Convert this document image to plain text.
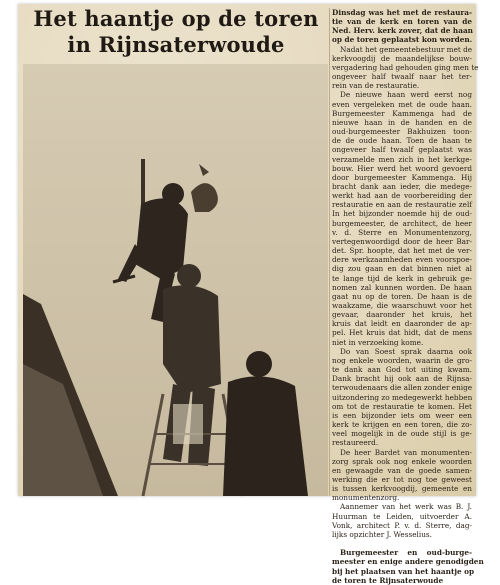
Het haantje op de toren
in Rijnsaterwoude
Dinsdag was het met de restaura-
tie van de kerk en toren van de
Ned. Herv. kerk zover, dat de haan
op de toren geplaatst kon worden.
Nadat het gemeentebestuur met de
kerkvoogdij de maandelijkse bouw-
vergadering had gehouden ging men te
ongeveer half twaalf naar het ter-
rein van de restauratie.
De nieuwe haan werd eerst nog
even vergeleken met de oude haan.
Burgemeester Kammenga had de
nieuwe haan in de handen en de
oud-burgemeester Bakhuizen toon-
de de oude haan. Toen de haan te
ongeveer half twaalf geplaatst was
verzamelde men zich in het kerkge-
bouw. Hier werd het woord gevoerd
door burgemeester Kammenga. Hij
bracht dank aan ieder, die medege-
werkt had aan de voorbereiding der
restauratie en aan de restauratie zelf
In het bijzonder noemde hij de oud-
burgemeester, de architect, de heer
v. d. Sterre en Monumentenzorg,
vertegenwoordigd door de heer Bar-
det. Spr. hoopte, dat het met de ver-
dere werkzaamheden even voorspoe-
dig zou gaan en dat binnen niet al
te lange tijd de kerk in gebruik ge-
nomen zal kunnen worden. De haan
gaat nu op de toren. De haan is de
waakzame, die waarschuwt voor het
gevaar, daaronder het kruis, het
kruis dat leidt en daaronder de ap-
pel. Het kruis dat hidt, dat de mens
niet in verzoeking kome.
Do van Soest sprak daarna ook
nog enkele woorden, waarin de gro-
te dank aan God tot uiting kwam.
Dank bracht hij ook aan de Rijnsa-
terwoudenaars die allen zonder enige
uitzondering zo medegewerkt hebben
om tot de restauratie te komen. Het
is een bijzonder iets om weer een
kerk te krijgen en een toren, die zo-
veel mogelijk in de oude stijl is ge-
restaureerd.
De heer Bardet van monumenten-
zorg sprak ook nog enkele woorden
en gewaagde van de goede samen-
werking die er tot nog toe geweest
is tussen kerkvoogdij, gemeente en
monumentenzorg.
Aannemer van het werk was B. J.
Huurman te Leiden, uitvoerder A.
Vonk, architect P. v. d. Sterre, dag-
lijks opzichter J. Wesselius.

Burgemeester en oud-burge-
meester en enige andere genodigden
bij het plaatsen van het haantje op
de toren te Rijnsaterwoude
